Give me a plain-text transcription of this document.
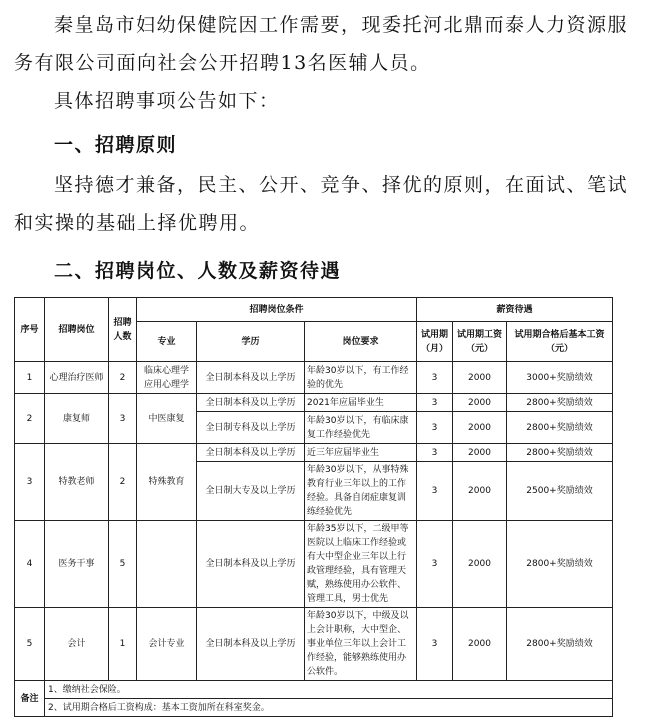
秦皇岛市妇幼保健院因工作需要，现委托河北鼎而泰人力资源服务有限公司面向社会公开招聘13名医辅人员。

具体招聘事项公告如下：

一、招聘原则

坚持德才兼备，民主、公开、竞争、择优的原则，在面试、笔试和实操的基础上择优聘用。

二、招聘岗位、人数及薪资待遇
序号	招聘岗位	招聘人数	招聘岗位条件			薪资待遇		
			专业	学历	岗位要求	试用期（月）	试用期工资（元）	试用期合格后基本工资（元）
1	心理治疗医师	2	临床心理学 应用心理学	全日制本科及以上学历	年龄30岁以下，有工作经验的优先	3	2000	3000+奖励绩效
2	康复师	3	中医康复	全日制本科及以上学历	2021年应届毕业生	3	2000	2800+奖励绩效
				全日制专科及以上学历	年龄30岁以下，有临床康复工作经验优先	3	2000	2800+奖励绩效
3	特教老师	2	特殊教育	全日制本科及以上学历	近三年应届毕业生	3	2000	2800+奖励绩效
				全日制大专及以上学历	年龄30岁以下，从事特殊教育行业三年以上的工作经验。具备自闭症康复训练经验优先	3	2000	2500+奖励绩效
4	医务干事	5		全日制本科及以上学历	年龄35岁以下，二级甲等医院以上临床工作经验或有大中型企业三年以上行政管理经验，具有管理天赋，熟练使用办公软件、管理工具，男士优先	3	2000	2800+奖励绩效
5	会计	1	会计专业	全日制本科及以上学历	年龄30岁以下，中级及以上会计职称，大中型企、事业单位三年以上会计工作经验，能够熟练使用办公软件。	3	2000	2800+奖励绩效
备注	1、缴纳社会保险。							
	2、试用期合格后工资构成：基本工资加所在科室奖金。							
